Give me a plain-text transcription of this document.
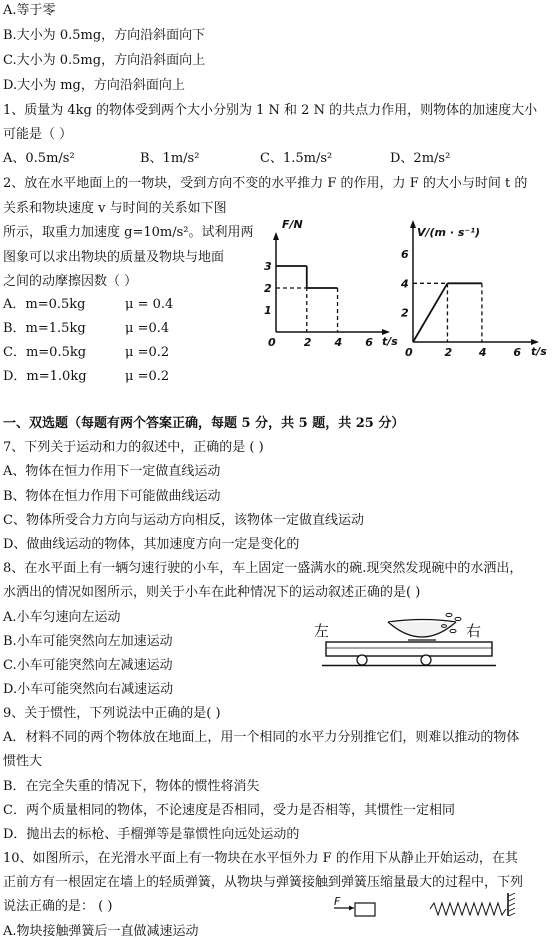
A.等于零
B.大小为 0.5mg，方向沿斜面向下
C.大小为 0.5mg，方向沿斜面向上
D.大小为 mg，方向沿斜面向上
1、质量为 4kg 的物体受到两个大小分别为 1 N 和 2 N 的共点力作用，则物体的加速度大小
可能是（ ）
A、0.5m/s²	B、1m/s²	C、1.5m/s²	D、2m/s²
2、放在水平地面上的一物块，受到方向不变的水平推力 F 的作用，力 F 的大小与时间 t 的
关系和物块速度 v 与时间的关系如下图
所示，取重力加速度 g=10m/s²。试利用两
图象可以求出物块的质量及物块与地面
之间的动摩擦因数（ ）
A．m=0.5kg	μ = 0.4
B．m=1.5kg	μ =0.4
C．m=0.5kg	μ =0.2
D．m=1.0kg	μ =0.2
F/N
t/s
0	2 4 6
1
2
3
V/(m · s⁻¹)
t/s
0	2 4 6
2
4
6
一、双选题（每题有两个答案正确，每题 5 分，共 5 题，共 25 分）
7、下列关于运动和力的叙述中，正确的是 ( )
A、物体在恒力作用下一定做直线运动
B、物体在恒力作用下可能做曲线运动
C、物体所受合力方向与运动方向相反，该物体一定做直线运动
D、做曲线运动的物体，其加速度方向一定是变化的
8、在水平面上有一辆匀速行驶的小车，车上固定一盛满水的碗.现突然发现碗中的水洒出，
水洒出的情况如图所示，则关于小车在此种情况下的运动叙述正确的是( )
A.小车匀速向左运动
B.小车可能突然向左加速运动
C.小车可能突然向左减速运动
D.小车可能突然向右减速运动
左	右
9、关于惯性，下列说法中正确的是( )
A．材料不同的两个物体放在地面上，用一个相同的水平力分别推它们，则难以推动的物体
惯性大
B．在完全失重的情况下，物体的惯性将消失
C．两个质量相同的物体，不论速度是否相同，受力是否相等，其惯性一定相同
D．抛出去的标枪、手榴弹等是靠惯性向远处运动的
10、如图所示，在光滑水平面上有一物块在水平恒外力 F 的作用下从静止开始运动，在其
正前方有一根固定在墙上的轻质弹簧，从物块与弹簧接触到弹簧压缩量最大的过程中，下列
说法正确的是： ( )
A.物块接触弹簧后一直做减速运动
F
